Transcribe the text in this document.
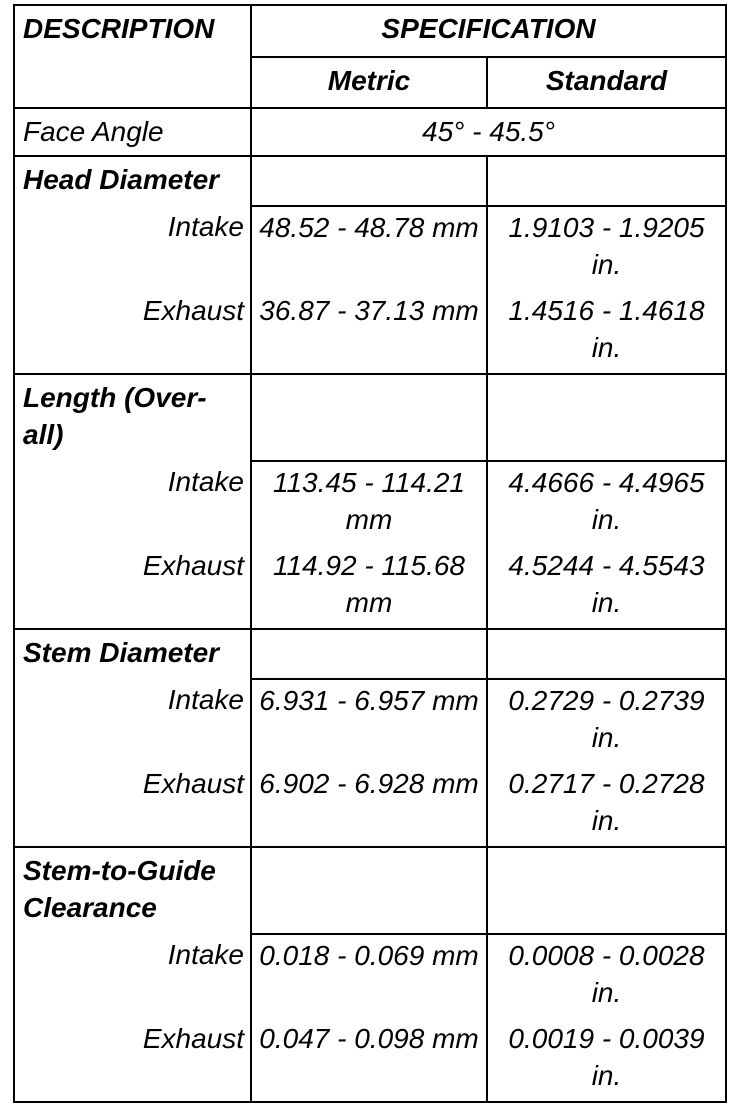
DESCRIPTION	SPECIFICATION	
	Metric	Standard
Face Angle	45° - 45.5°	
Head Diameter		
Intake	48.52 - 48.78 mm	1.9103 - 1.9205 in.
Exhaust	36.87 - 37.13 mm	1.4516 - 1.4618 in.
Length (Over-all)		
Intake	113.45 - 114.21 mm	4.4666 - 4.4965 in.
Exhaust	114.92 - 115.68 mm	4.5244 - 4.5543 in.
Stem Diameter		
Intake	6.931 - 6.957 mm	0.2729 - 0.2739 in.
Exhaust	6.902 - 6.928 mm	0.2717 - 0.2728 in.
Stem-to-Guide Clearance		
Intake	0.018 - 0.069 mm	0.0008 - 0.0028 in.
Exhaust	0.047 - 0.098 mm	0.0019 - 0.0039 in.
